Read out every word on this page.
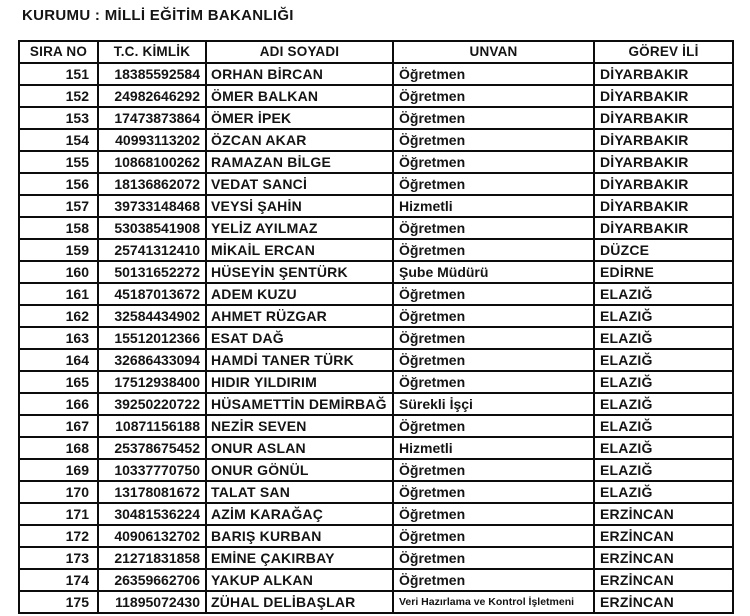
KURUMU : MİLLİ EĞİTİM BAKANLIĞI
SIRA NO	T.C. KİMLİK	ADI SOYADI	UNVAN	GÖREV İLİ
151	18385592584	ORHAN BİRCAN	Öğretmen	DİYARBAKIR
152	24982646292	ÖMER BALKAN	Öğretmen	DİYARBAKIR
153	17473873864	ÖMER İPEK	Öğretmen	DİYARBAKIR
154	40993113202	ÖZCAN AKAR	Öğretmen	DİYARBAKIR
155	10868100262	RAMAZAN BİLGE	Öğretmen	DİYARBAKIR
156	18136862072	VEDAT SANCİ	Öğretmen	DİYARBAKIR
157	39733148468	VEYSİ ŞAHİN	Hizmetli	DİYARBAKIR
158	53038541908	YELİZ AYILMAZ	Öğretmen	DİYARBAKIR
159	25741312410	MİKAİL ERCAN	Öğretmen	DÜZCE
160	50131652272	HÜSEYİN ŞENTÜRK	Şube Müdürü	EDİRNE
161	45187013672	ADEM KUZU	Öğretmen	ELAZIĞ
162	32584434902	AHMET RÜZGAR	Öğretmen	ELAZIĞ
163	15512012366	ESAT DAĞ	Öğretmen	ELAZIĞ
164	32686433094	HAMDİ TANER TÜRK	Öğretmen	ELAZIĞ
165	17512938400	HIDIR YILDIRIM	Öğretmen	ELAZIĞ
166	39250220722	HÜSAMETTİN DEMİRBAĞ	Sürekli İşçi	ELAZIĞ
167	10871156188	NEZİR SEVEN	Öğretmen	ELAZIĞ
168	25378675452	ONUR ASLAN	Hizmetli	ELAZIĞ
169	10337770750	ONUR GÖNÜL	Öğretmen	ELAZIĞ
170	13178081672	TALAT SAN	Öğretmen	ELAZIĞ
171	30481536224	AZİM KARAĞAÇ	Öğretmen	ERZİNCAN
172	40906132702	BARIŞ KURBAN	Öğretmen	ERZİNCAN
173	21271831858	EMİNE ÇAKIRBAY	Öğretmen	ERZİNCAN
174	26359662706	YAKUP ALKAN	Öğretmen	ERZİNCAN
175	11895072430	ZÜHAL DELİBAŞLAR	Veri Hazırlama ve Kontrol İşletmeni	ERZİNCAN
